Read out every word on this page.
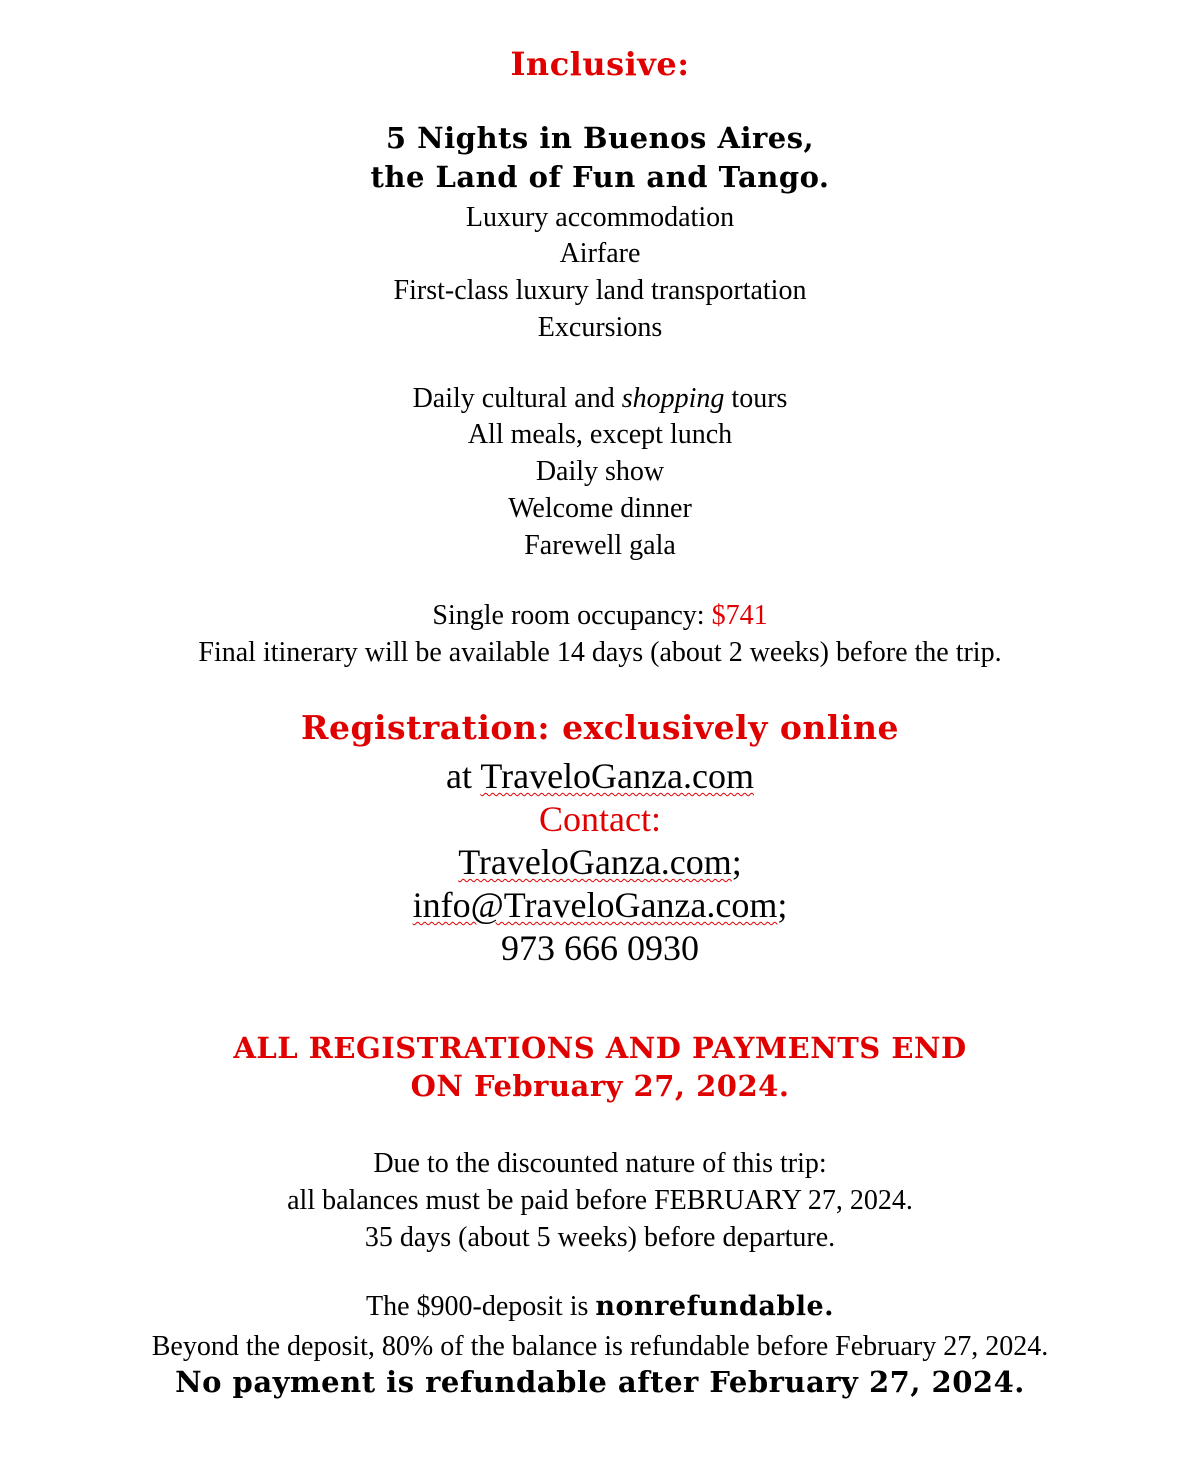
Inclusive:
5 Nights in Buenos Aires,
the Land of Fun and Tango.
Luxury accommodation
Airfare
First-class luxury land transportation
Excursions
Daily cultural and shopping tours
All meals, except lunch
Daily show
Welcome dinner
Farewell gala
Single room occupancy: $741
Final itinerary will be available 14 days (about 2 weeks) before the trip.
Registration: exclusively online
at TraveloGanza.com
Contact:
TraveloGanza.com;
info@TraveloGanza.com;
973 666 0930
ALL REGISTRATIONS AND PAYMENTS END
ON February 27, 2024.
Due to the discounted nature of this trip:
all balances must be paid before FEBRUARY 27, 2024.
35 days (about 5 weeks) before departure.
The $900-deposit is nonrefundable.
Beyond the deposit, 80% of the balance is refundable before February 27, 2024.
No payment is refundable after February 27, 2024.
